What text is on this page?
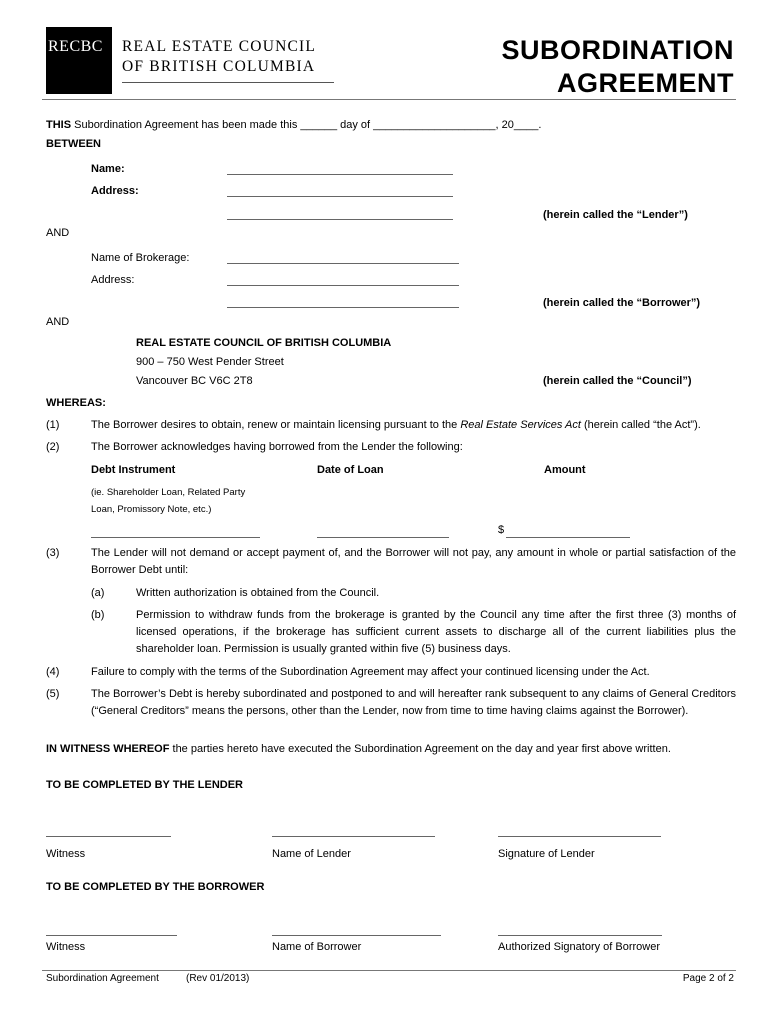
RECBC REAL ESTATE COUNCIL
OF BRITISH COLUMBIA
SUBORDINATION
AGREEMENT
THIS Subordination Agreement has been made this ______ day of ____________________, 20____.
BETWEEN
Name:
Address:
(herein called the “Lender”)
AND
Name of Brokerage:
Address:
(herein called the “Borrower”)
AND
REAL ESTATE COUNCIL OF BRITISH COLUMBIA
900 – 750 West Pender Street
Vancouver BC V6C 2T8	(herein called the “Council”)
WHEREAS:
(1)	The Borrower desires to obtain, renew or maintain licensing pursuant to the Real Estate Services Act (herein called “the Act”).
(2)	The Borrower acknowledges having borrowed from the Lender the following:
Debt Instrument	Date of Loan	Amount
(ie. Shareholder Loan, Related Party
Loan, Promissory Note, etc.)
$
(3)	The Lender will not demand or accept payment of, and the Borrower will not pay, any amount in whole or partial satisfaction of the Borrower Debt until:
(a)	Written authorization is obtained from the Council.
(b)	Permission to withdraw funds from the brokerage is granted by the Council any time after the first three (3) months of licensed operations, if the brokerage has sufficient current assets to discharge all of the current liabilities plus the shareholder loan. Permission is usually granted within five (5) business days.
(4)	Failure to comply with the terms of the Subordination Agreement may affect your continued licensing under the Act.
(5)	The Borrower’s Debt is hereby subordinated and postponed to and will hereafter rank subsequent to any claims of General Creditors (“General Creditors” means the persons, other than the Lender, now from time to time having claims against the Borrower).
IN WITNESS WHEREOF the parties hereto have executed the Subordination Agreement on the day and year first above written.
TO BE COMPLETED BY THE LENDER
Witness	Name of Lender	Signature of Lender
TO BE COMPLETED BY THE BORROWER
Witness	Name of Borrower	Authorized Signatory of Borrower
Subordination Agreement	(Rev 01/2013)	Page 2 of 2
